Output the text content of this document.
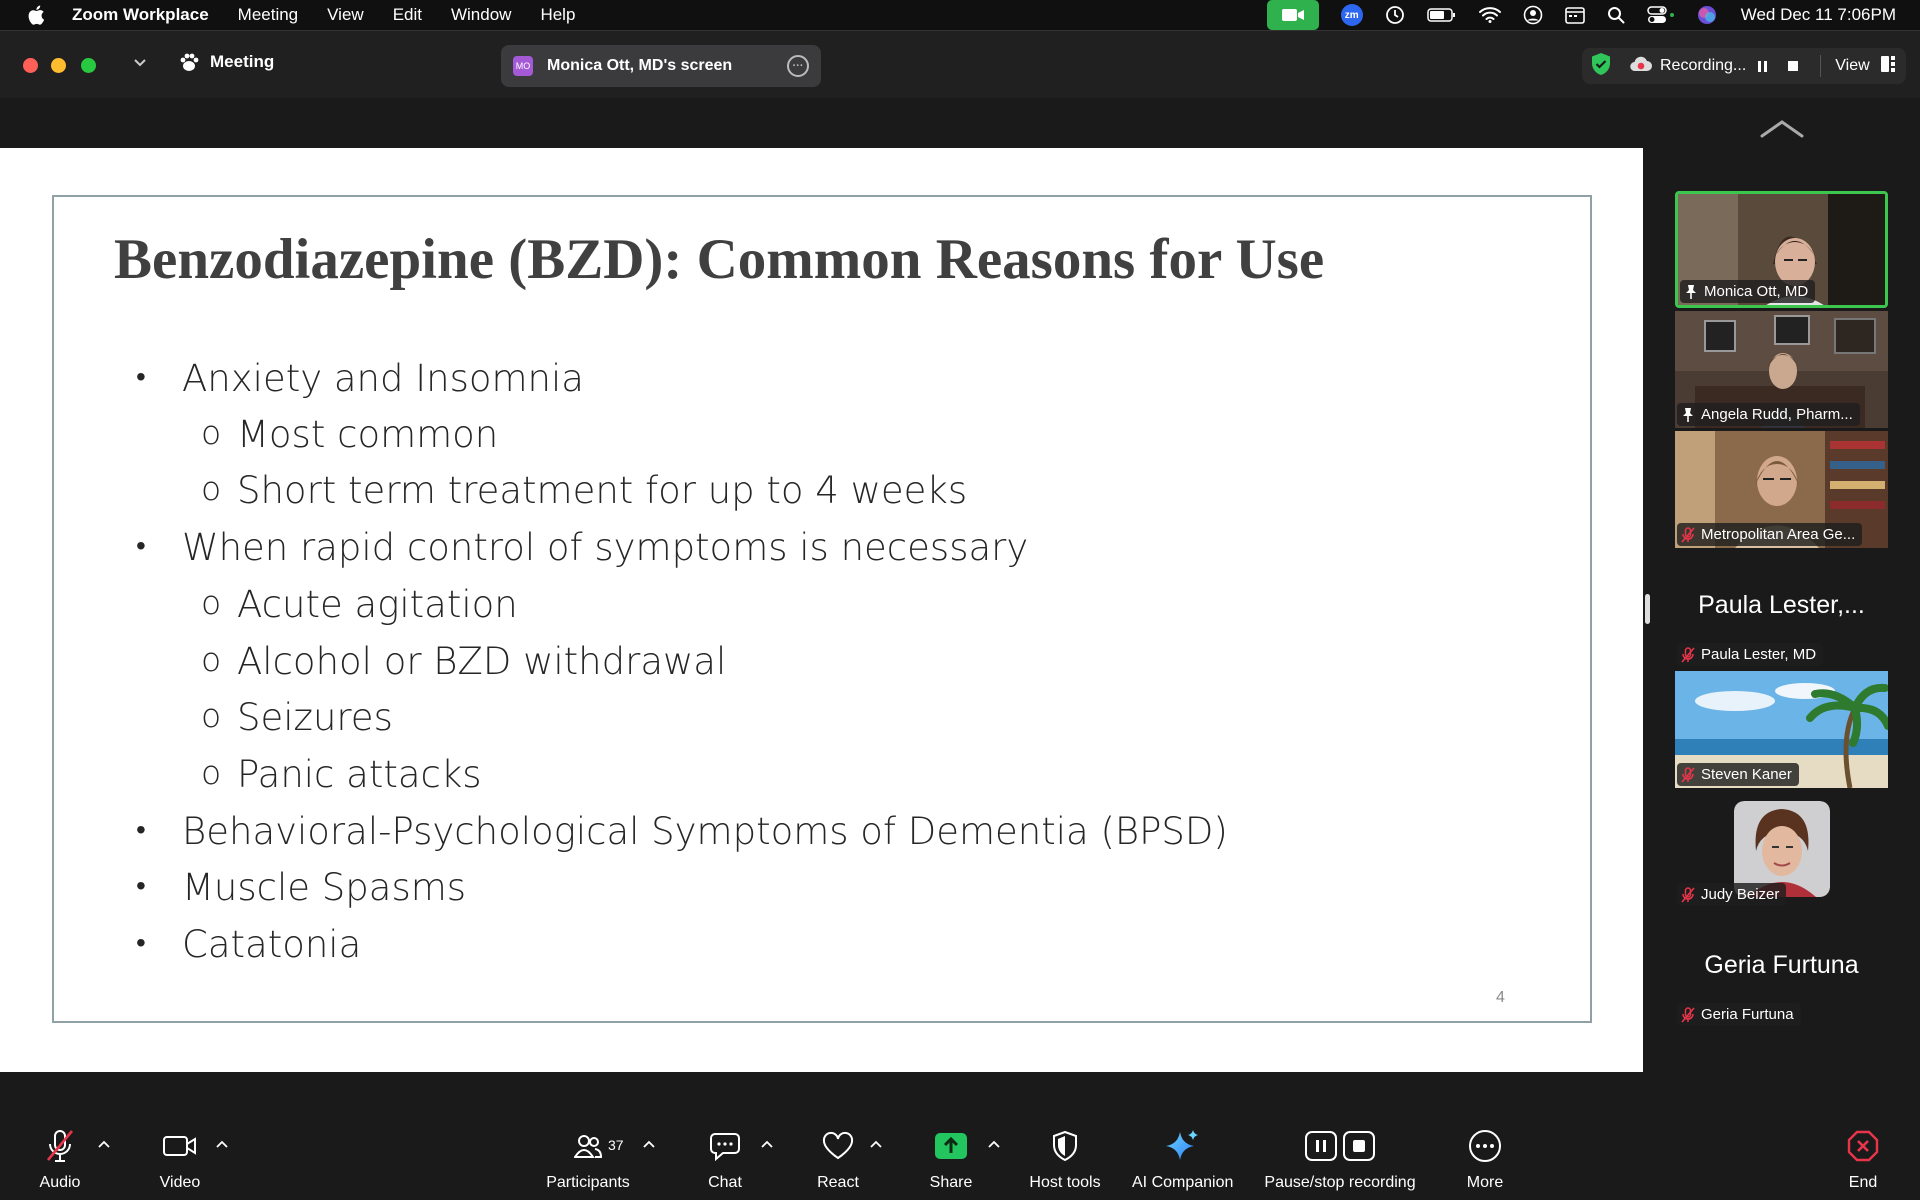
Zoom Workplace Meeting View Edit Window Help	zm	Wed Dec 11 7:06PM
Meeting	MO Monica Ott, MD's screen	···	Recording...	View
Benzodiazepine (BZD): Common Reasons for Use
• Anxiety and Insomnia
o Most common
o Short term treatment for up to 4 weeks
• When rapid control of symptoms is necessary
o Acute agitation
o Alcohol or BZD withdrawal
o Seizures
o Panic attacks
• Behavioral-Psychological Symptoms of Dementia (BPSD)
• Muscle Spasms
• Catatonia
4
Monica Ott, MD
Angela Rudd, Pharm...
Metropolitan Area Ge...
Paula Lester,...
Paula Lester, MD
Steven Kaner
Judy Beizer
Geria Furtuna
Geria Furtuna
Audio	Video
37
Participants	Chat	React	Share	Host tools	AI Companion Pause/stop recording	More	End
